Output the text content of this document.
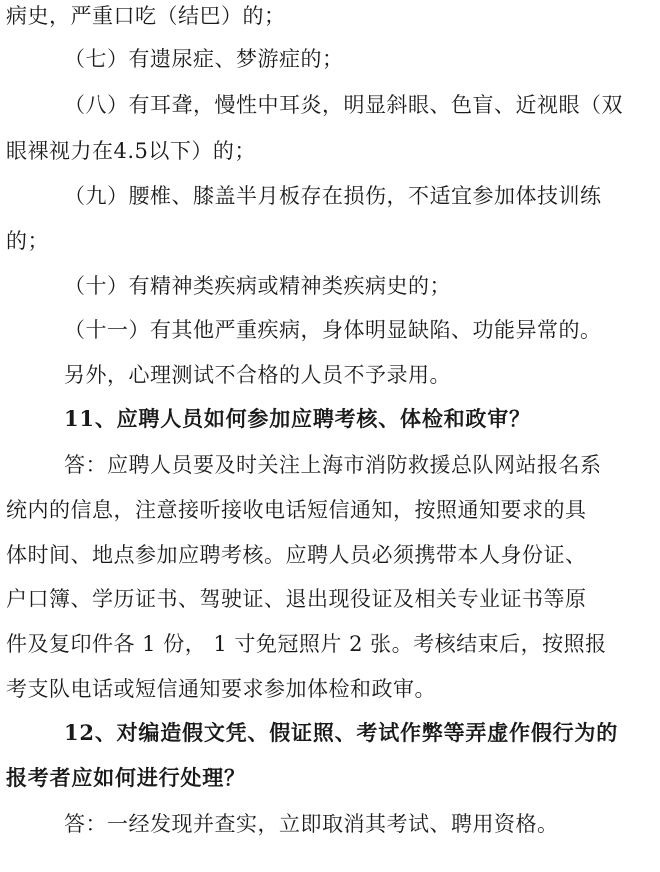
病史，严重口吃（结巴）的；
（七）有遗尿症、梦游症的；
（八）有耳聋，慢性中耳炎，明显斜眼、色盲、近视眼（双
眼裸视力在4.5以下）的；
（九）腰椎、膝盖半月板存在损伤，不适宜参加体技训练
的；
（十）有精神类疾病或精神类疾病史的；
（十一）有其他严重疾病，身体明显缺陷、功能异常的。
另外，心理测试不合格的人员不予录用。
11、应聘人员如何参加应聘考核、体检和政审？
答：应聘人员要及时关注上海市消防救援总队网站报名系
统内的信息，注意接听接收电话短信通知，按照通知要求的具
体时间、地点参加应聘考核。应聘人员必须携带本人身份证、
户口簿、学历证书、驾驶证、退出现役证及相关专业证书等原
件及复印件各 1 份， 1 寸免冠照片 2 张。考核结束后，按照报
考支队电话或短信通知要求参加体检和政审。
12、对编造假文凭、假证照、考试作弊等弄虚作假行为的
报考者应如何进行处理？
答：一经发现并查实，立即取消其考试、聘用资格。
